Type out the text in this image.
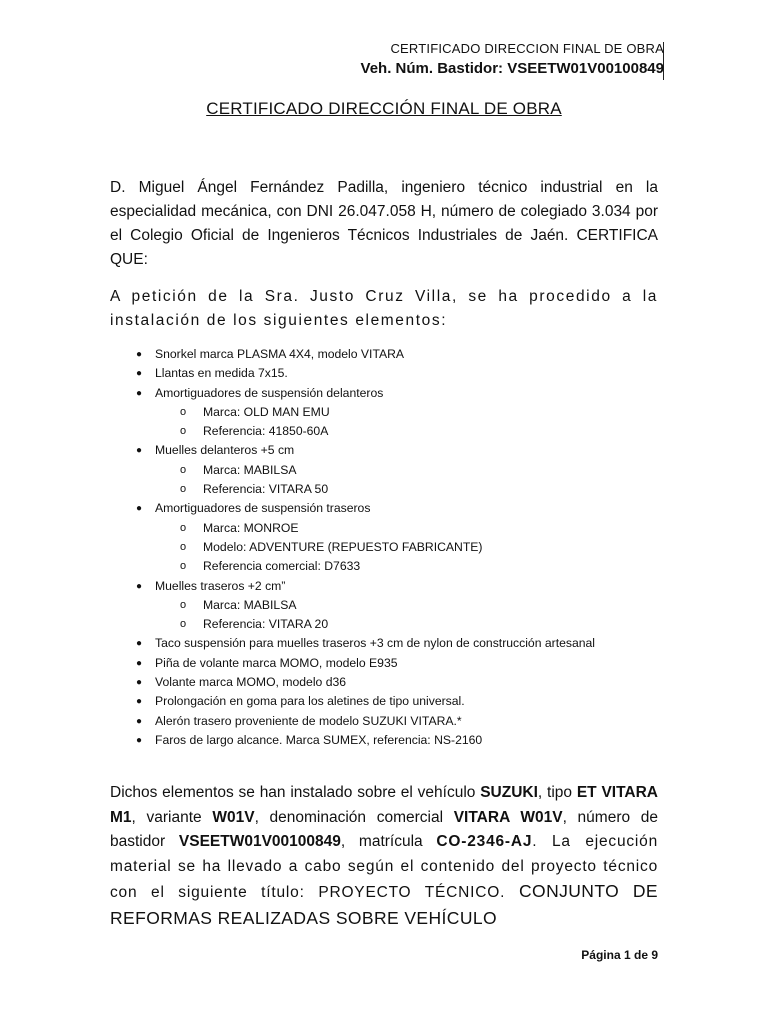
CERTIFICADO DIRECCION FINAL DE OBRA
Veh. Núm. Bastidor: VSEETW01V00100849
CERTIFICADO DIRECCIÓN FINAL DE OBRA
D. Miguel Ángel Fernández Padilla, ingeniero técnico industrial en la especialidad mecánica, con DNI 26.047.058 H, número de colegiado 3.034 por el Colegio Oficial de Ingenieros Técnicos Industriales de Jaén. CERTIFICA QUE:
A petición de la Sra. Justo Cruz Villa, se ha procedido a la instalación de los siguientes elementos:
● Snorkel marca PLASMA 4X4, modelo VITARA
● Llantas en medida 7x15.
● Amortiguadores de suspensión delanteros
o Marca: OLD MAN EMU
o Referencia: 41850-60A
● Muelles delanteros +5 cm
o Marca: MABILSA
o Referencia: VITARA 50
● Amortiguadores de suspensión traseros
o Marca: MONROE
o Modelo: ADVENTURE (REPUESTO FABRICANTE)
o Referencia comercial: D7633
● Muelles traseros +2 cm”
o Marca: MABILSA
o Referencia: VITARA 20
● Taco suspensión para muelles traseros +3 cm de nylon de construcción artesanal
● Piña de volante marca MOMO, modelo E935
● Volante marca MOMO, modelo d36
● Prolongación en goma para los aletines de tipo universal.
● Alerón trasero proveniente de modelo SUZUKI VITARA.*
● Faros de largo alcance. Marca SUMEX, referencia: NS-2160
Dichos elementos se han instalado sobre el vehículo SUZUKI, tipo ET VITARA M1, variante W01V, denominación comercial VITARA W01V, número de bastidor VSEETW01V00100849, matrícula CO-2346-AJ. La ejecución material se ha llevado a cabo según el contenido del proyecto técnico con el siguiente título: PROYECTO TÉCNICO. CONJUNTO DE REFORMAS REALIZADAS SOBRE VEHÍCULO
Página 1 de 9
